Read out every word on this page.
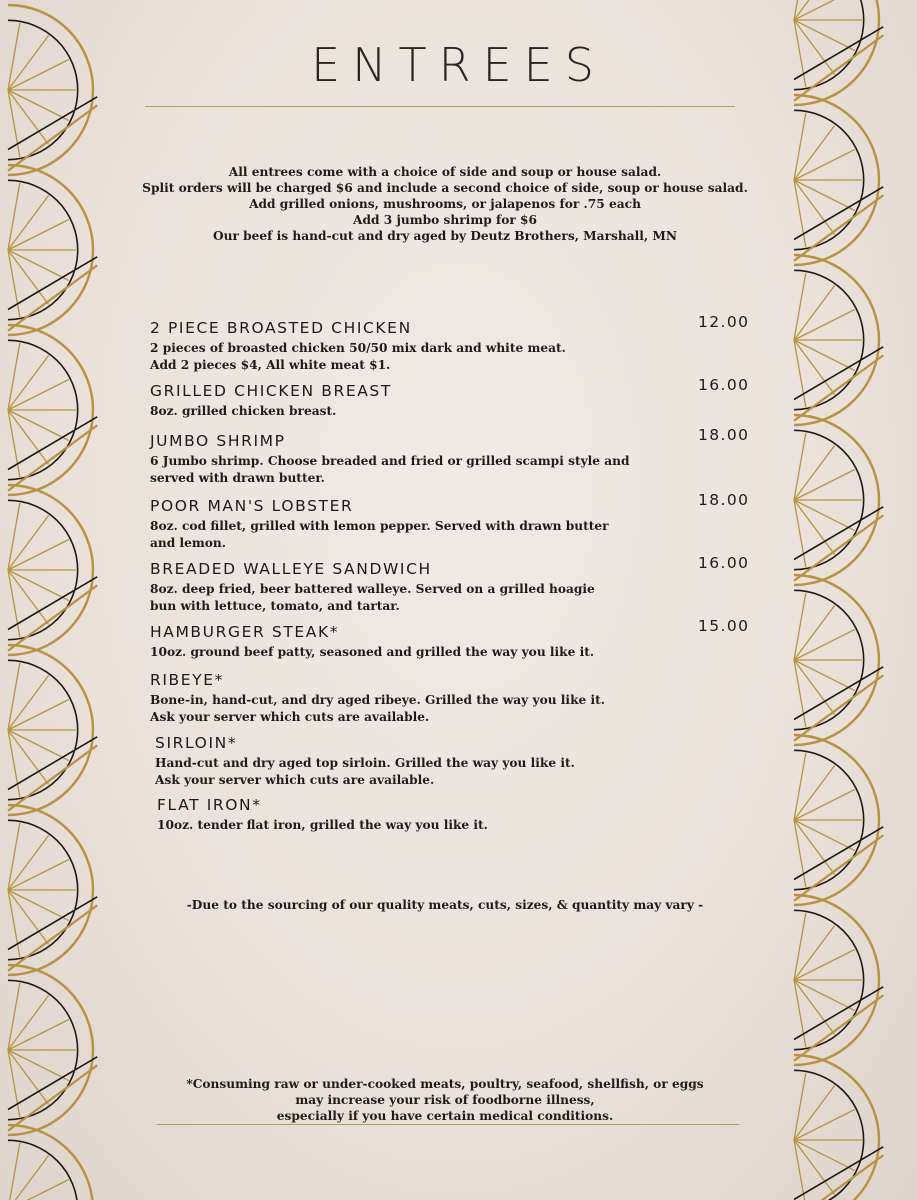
ENTREES
All entrees come with a choice of side and soup or house salad.
Split orders will be charged $6 and include a second choice of side, soup or house salad.
Add grilled onions, mushrooms, or jalapenos for .75 each
Add 3 jumbo shrimp for $6
Our beef is hand-cut and dry aged by Deutz Brothers, Marshall, MN
2 PIECE BROASTED CHICKEN	12.00
2 pieces of broasted chicken 50/50 mix dark and white meat.
Add 2 pieces $4, All white meat $1.
GRILLED CHICKEN BREAST	16.00
8oz. grilled chicken breast.
JUMBO SHRIMP	18.00
6 Jumbo shrimp. Choose breaded and fried or grilled scampi style and
served with drawn butter.
POOR MAN'S LOBSTER	18.00
8oz. cod fillet, grilled with lemon pepper. Served with drawn butter
and lemon.
BREADED WALLEYE SANDWICH	16.00
8oz. deep fried, beer battered walleye. Served on a grilled hoagie
bun with lettuce, tomato, and tartar.
HAMBURGER STEAK*	15.00
10oz. ground beef patty, seasoned and grilled the way you like it.
RIBEYE*
Bone-in, hand-cut, and dry aged ribeye. Grilled the way you like it.
Ask your server which cuts are available.
SIRLOIN*
Hand-cut and dry aged top sirloin. Grilled the way you like it.
Ask your server which cuts are available.
FLAT IRON*
10oz. tender flat iron, grilled the way you like it.
-Due to the sourcing of our quality meats, cuts, sizes, & quantity may vary -
*Consuming raw or under-cooked meats, poultry, seafood, shellfish, or eggs
may increase your risk of foodborne illness,
especially if you have certain medical conditions.
